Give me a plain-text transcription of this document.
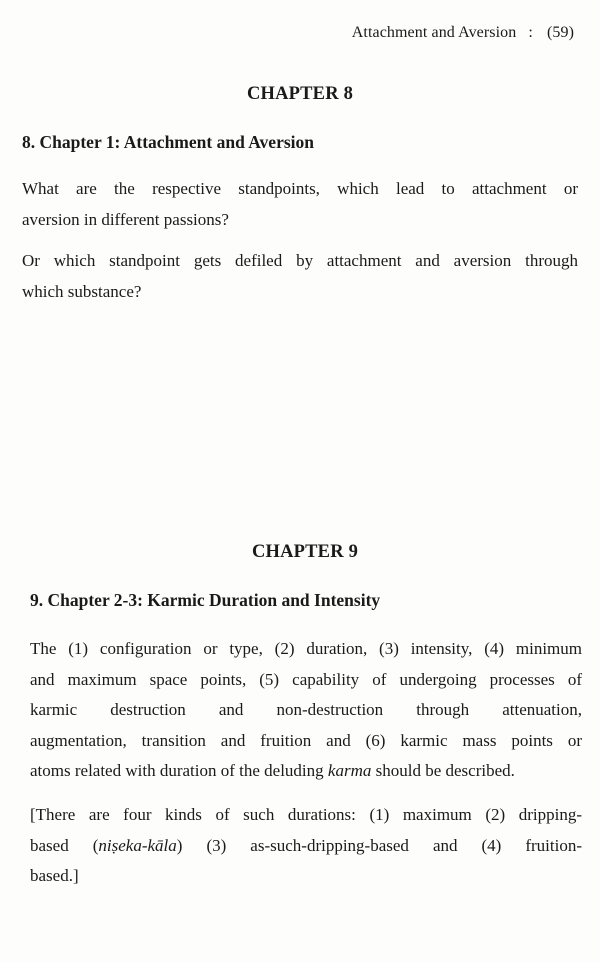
Attachment and Aversion : (59)
CHAPTER 8
8. Chapter 1: Attachment and Aversion
What are the respective standpoints, which lead to attachment or
aversion in different passions?
Or which standpoint gets defiled by attachment and aversion through
which substance?
CHAPTER 9
9. Chapter 2-3: Karmic Duration and Intensity
The (1) configuration or type, (2) duration, (3) intensity, (4) minimum
and maximum space points, (5) capability of undergoing processes of
karmic destruction and non-destruction through attenuation,
augmentation, transition and fruition and (6) karmic mass points or
atoms related with duration of the deluding karma should be described.
[There are four kinds of such durations: (1) maximum (2) dripping-
based (niṣeka-kāla) (3) as-such-dripping-based and (4) fruition-
based.]
